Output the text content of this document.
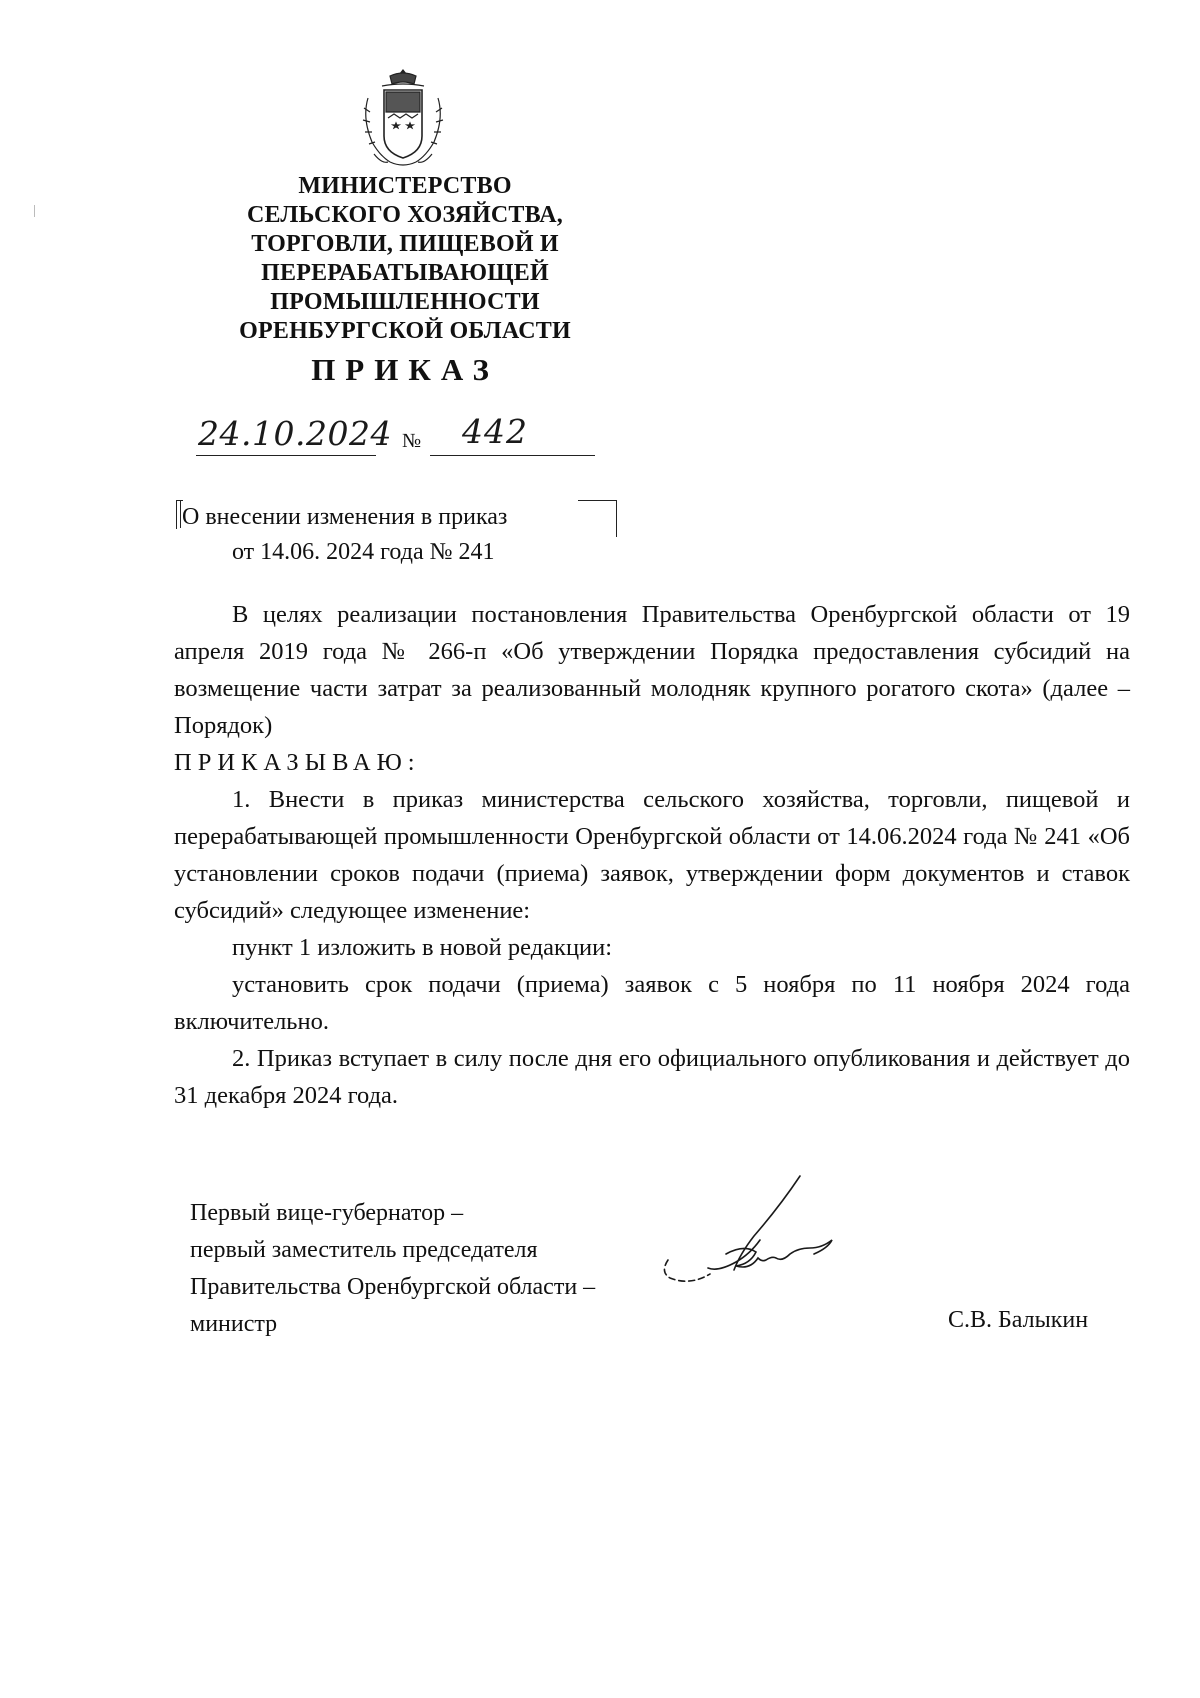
МИНИСТЕРСТВО
СЕЛЬСКОГО ХОЗЯЙСТВА,
ТОРГОВЛИ, ПИЩЕВОЙ И
ПЕРЕРАБАТЫВАЮЩЕЙ
ПРОМЫШЛЕННОСТИ
ОРЕНБУРГСКОЙ ОБЛАСТИ
ПРИКАЗ
24.10.2024 № 442
О внесении изменения в приказ
от 14.06. 2024 года № 241

В целях реализации постановления Правительства Оренбургской области от 19 апреля 2019 года № 266-п «Об утверждении Порядка предоставления субсидий на возмещение части затрат за реализованный молодняк крупного рогатого скота» (далее – Порядок)

ПРИКАЗЫВАЮ:

1. Внести в приказ министерства сельского хозяйства, торговли, пищевой и перерабатывающей промышленности Оренбургской области от 14.06.2024 года № 241 «Об установлении сроков подачи (приема) заявок, утверждении форм документов и ставок субсидий» следующее изменение:

пункт 1 изложить в новой редакции:

установить срок подачи (приема) заявок с 5 ноября по 11 ноября 2024 года включительно.

2. Приказ вступает в силу после дня его официального опубликования и действует до 31 декабря 2024 года.

Первый вице-губернатор –
первый заместитель председателя
Правительства Оренбургской области –
министр	С.В. Балыкин
